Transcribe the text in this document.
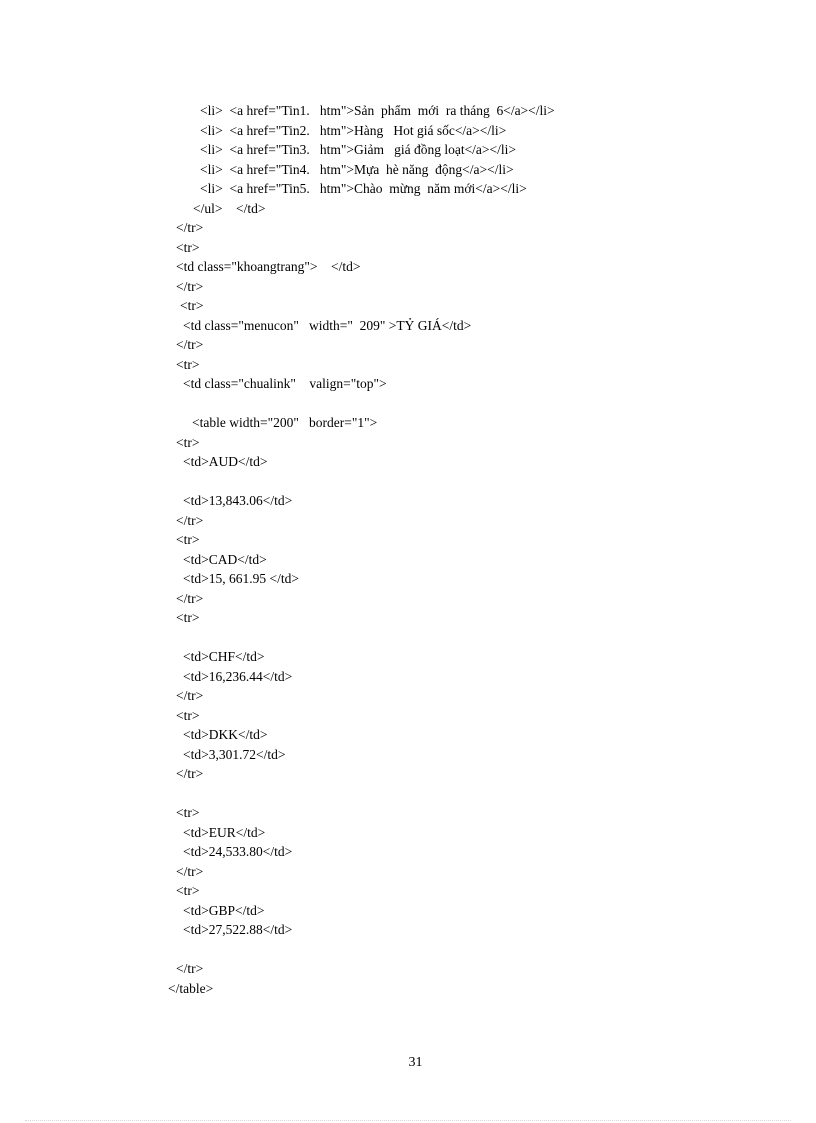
<li>  <a href="Tin1.   htm">Sản  phẩm  mới  ra tháng  6</a></li>
<li>  <a href="Tin2.   htm">Hàng   Hot giá sốc</a></li>
<li>  <a href="Tin3.   htm">Giảm   giá đồng loạt</a></li>
<li>  <a href="Tin4.   htm">Mựa  hè năng  động</a></li>
<li>  <a href="Tin5.   htm">Chào  mừng  năm mới</a></li>
</ul>    </td>
</tr>
<tr>
<td class="khoangtrang">    </td>
</tr>
<tr>
<td class="menucon"   width="  209" >TỶ GIÁ</td>
</tr>
<tr>
<td class="chualink"    valign="top">
<table width="200"   border="1">
<tr>
<td>AUD</td>
<td>13,843.06</td>
</tr>
<tr>
<td>CAD</td>
<td>15, 661.95 </td>
</tr>
<tr>
<td>CHF</td>
<td>16,236.44</td>
</tr>
<tr>
<td>DKK</td>
<td>3,301.72</td>
</tr>
<tr>
<td>EUR</td>
<td>24,533.80</td>
</tr>
<tr>
<td>GBP</td>
<td>27,522.88</td>
</tr>
</table>
31
